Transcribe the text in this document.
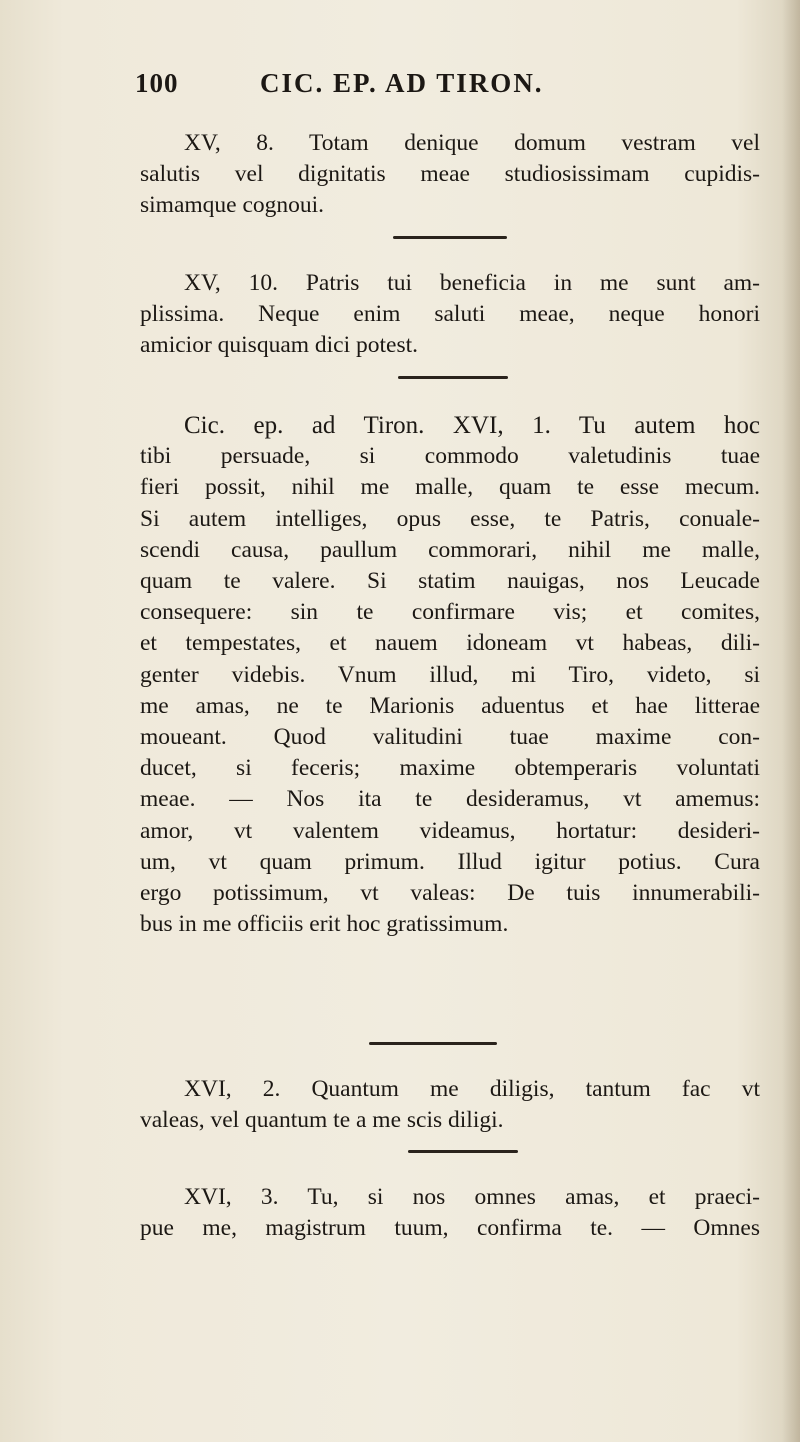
100	CIC. EP. AD TIRON.
XV, 8. Totam denique domum vestram vel
salutis vel dignitatis meae studiosissimam cupidis-
simamque cognoui.
XV, 10. Patris tui beneficia in me sunt am-
plissima. Neque enim saluti meae, neque honori
amicior quisquam dici potest.
Cic. ep. ad Tiron. XVI, 1. Tu autem hoc
tibi persuade, si commodo valetudinis tuae
fieri possit, nihil me malle, quam te esse mecum.
Si autem intelliges, opus esse, te Patris, conuale-
scendi causa, paullum commorari, nihil me malle,
quam te valere. Si statim nauigas, nos Leucade
consequere: sin te confirmare vis; et comites,
et tempestates, et nauem idoneam vt habeas, dili-
genter videbis. Vnum illud, mi Tiro, videto, si
me amas, ne te Marionis aduentus et hae litterae
moueant. Quod valitudini tuae maxime con-
ducet, si feceris; maxime obtemperaris voluntati
meae. — Nos ita te desideramus, vt amemus:
amor, vt valentem videamus, hortatur: desideri-
um, vt quam primum. Illud igitur potius. Cura
ergo potissimum, vt valeas: De tuis innumerabili-
bus in me officiis erit hoc gratissimum.
XVI, 2. Quantum me diligis, tantum fac vt
valeas, vel quantum te a me scis diligi.
XVI, 3. Tu, si nos omnes amas, et praeci-
pue me, magistrum tuum, confirma te. — Omnes
